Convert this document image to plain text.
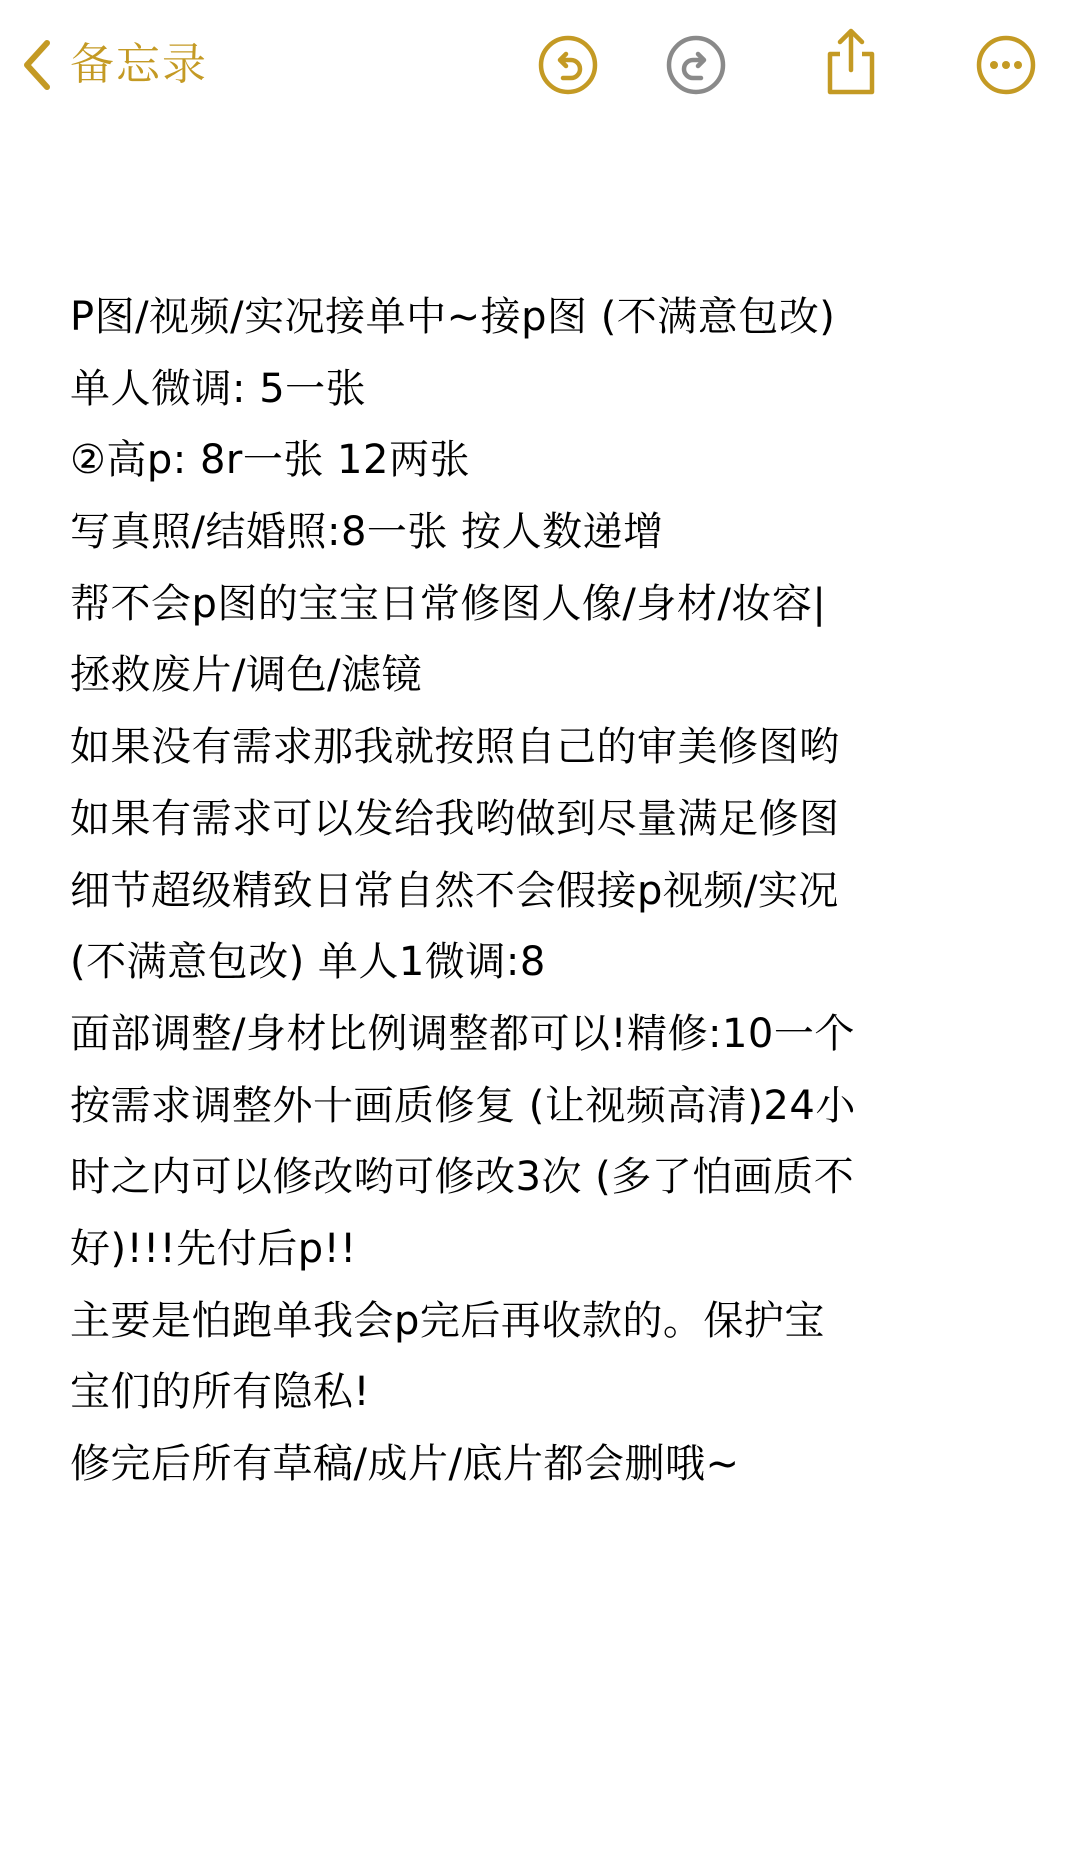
备忘录
P图/视频/实况接单中~接p图 (不满意包改)
单人微调: 5一张
②高p: 8r一张 12两张
写真照/结婚照:8一张 按人数递增
帮不会p图的宝宝日常修图人像/身材/妆容|
拯救废片/调色/滤镜
如果没有需求那我就按照自己的审美修图哟
如果有需求可以发给我哟做到尽量满足修图
细节超级精致日常自然不会假接p视频/实况
(不满意包改) 单人1微调:8
面部调整/身材比例调整都可以!精修:10一个
按需求调整外十画质修复 (让视频高清)24小
时之内可以修改哟可修改3次 (多了怕画质不
好)!!!先付后p!!
主要是怕跑单我会p完后再收款的。保护宝
宝们的所有隐私!
修完后所有草稿/成片/底片都会删哦~
